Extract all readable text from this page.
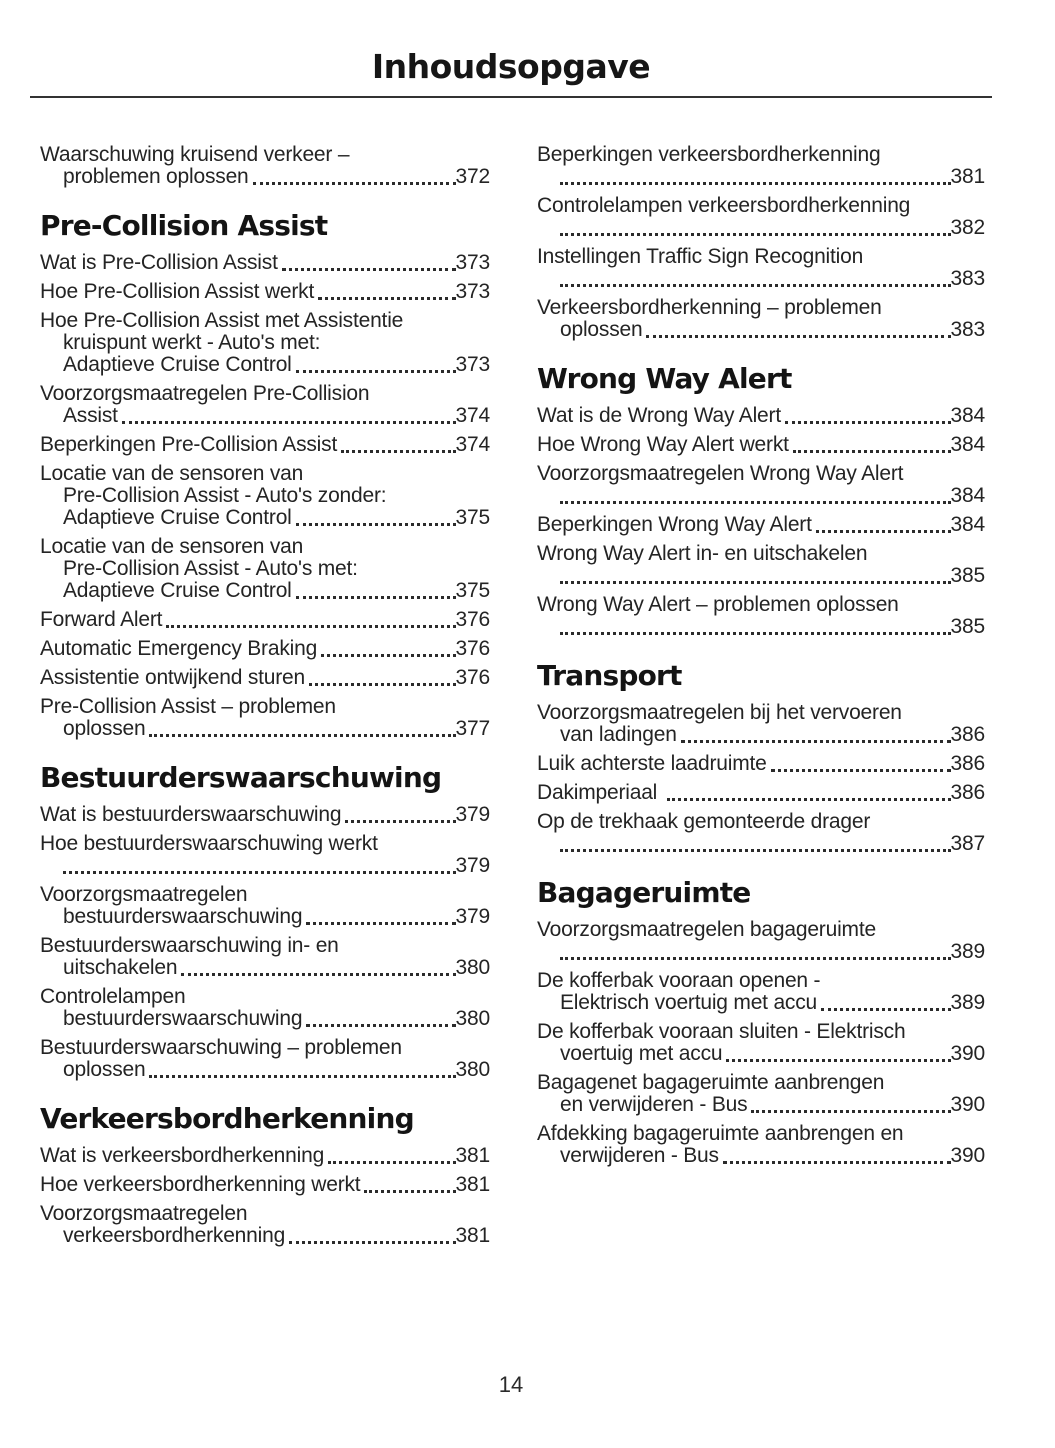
Inhoudsopgave
Waarschuwing kruisend verkeer –
problemen oplossen	372
Pre-Collision Assist
Wat is Pre-Collision Assist	373
Hoe Pre-Collision Assist werkt	373
Hoe Pre-Collision Assist met Assistentie
kruispunt werkt - Auto's met:
Adaptieve Cruise Control	373
Voorzorgsmaatregelen Pre-Collision
Assist	374
Beperkingen Pre-Collision Assist	374
Locatie van de sensoren van
Pre-Collision Assist - Auto's zonder:
Adaptieve Cruise Control	375
Locatie van de sensoren van
Pre-Collision Assist - Auto's met:
Adaptieve Cruise Control	375
Forward Alert	376
Automatic Emergency Braking	376
Assistentie ontwijkend sturen	376
Pre-Collision Assist – problemen
oplossen	377
Bestuurderswaarschuwing
Wat is bestuurderswaarschuwing	379
Hoe bestuurderswaarschuwing werkt
379
Voorzorgsmaatregelen
bestuurderswaarschuwing	379
Bestuurderswaarschuwing in- en
uitschakelen	380
Controlelampen
bestuurderswaarschuwing	380
Bestuurderswaarschuwing – problemen
oplossen	380
Verkeersbordherkenning
Wat is verkeersbordherkenning	381
Hoe verkeersbordherkenning werkt	381
Voorzorgsmaatregelen
verkeersbordherkenning	381
Beperkingen verkeersbordherkenning
381
Controlelampen verkeersbordherkenning
382
Instellingen Traffic Sign Recognition
383
Verkeersbordherkenning – problemen
oplossen	383
Wrong Way Alert
Wat is de Wrong Way Alert	384
Hoe Wrong Way Alert werkt	384
Voorzorgsmaatregelen Wrong Way Alert
384
Beperkingen Wrong Way Alert	384
Wrong Way Alert in- en uitschakelen
385
Wrong Way Alert – problemen oplossen
385
Transport
Voorzorgsmaatregelen bij het vervoeren
van ladingen	386
Luik achterste laadruimte	386
Dakimperiaal	386
Op de trekhaak gemonteerde drager
387
Bagageruimte
Voorzorgsmaatregelen bagageruimte
389
De kofferbak vooraan openen -
Elektrisch voertuig met accu	389
De kofferbak vooraan sluiten - Elektrisch
voertuig met accu	390
Bagagenet bagageruimte aanbrengen
en verwijderen - Bus	390
Afdekking bagageruimte aanbrengen en
verwijderen - Bus	390
14
